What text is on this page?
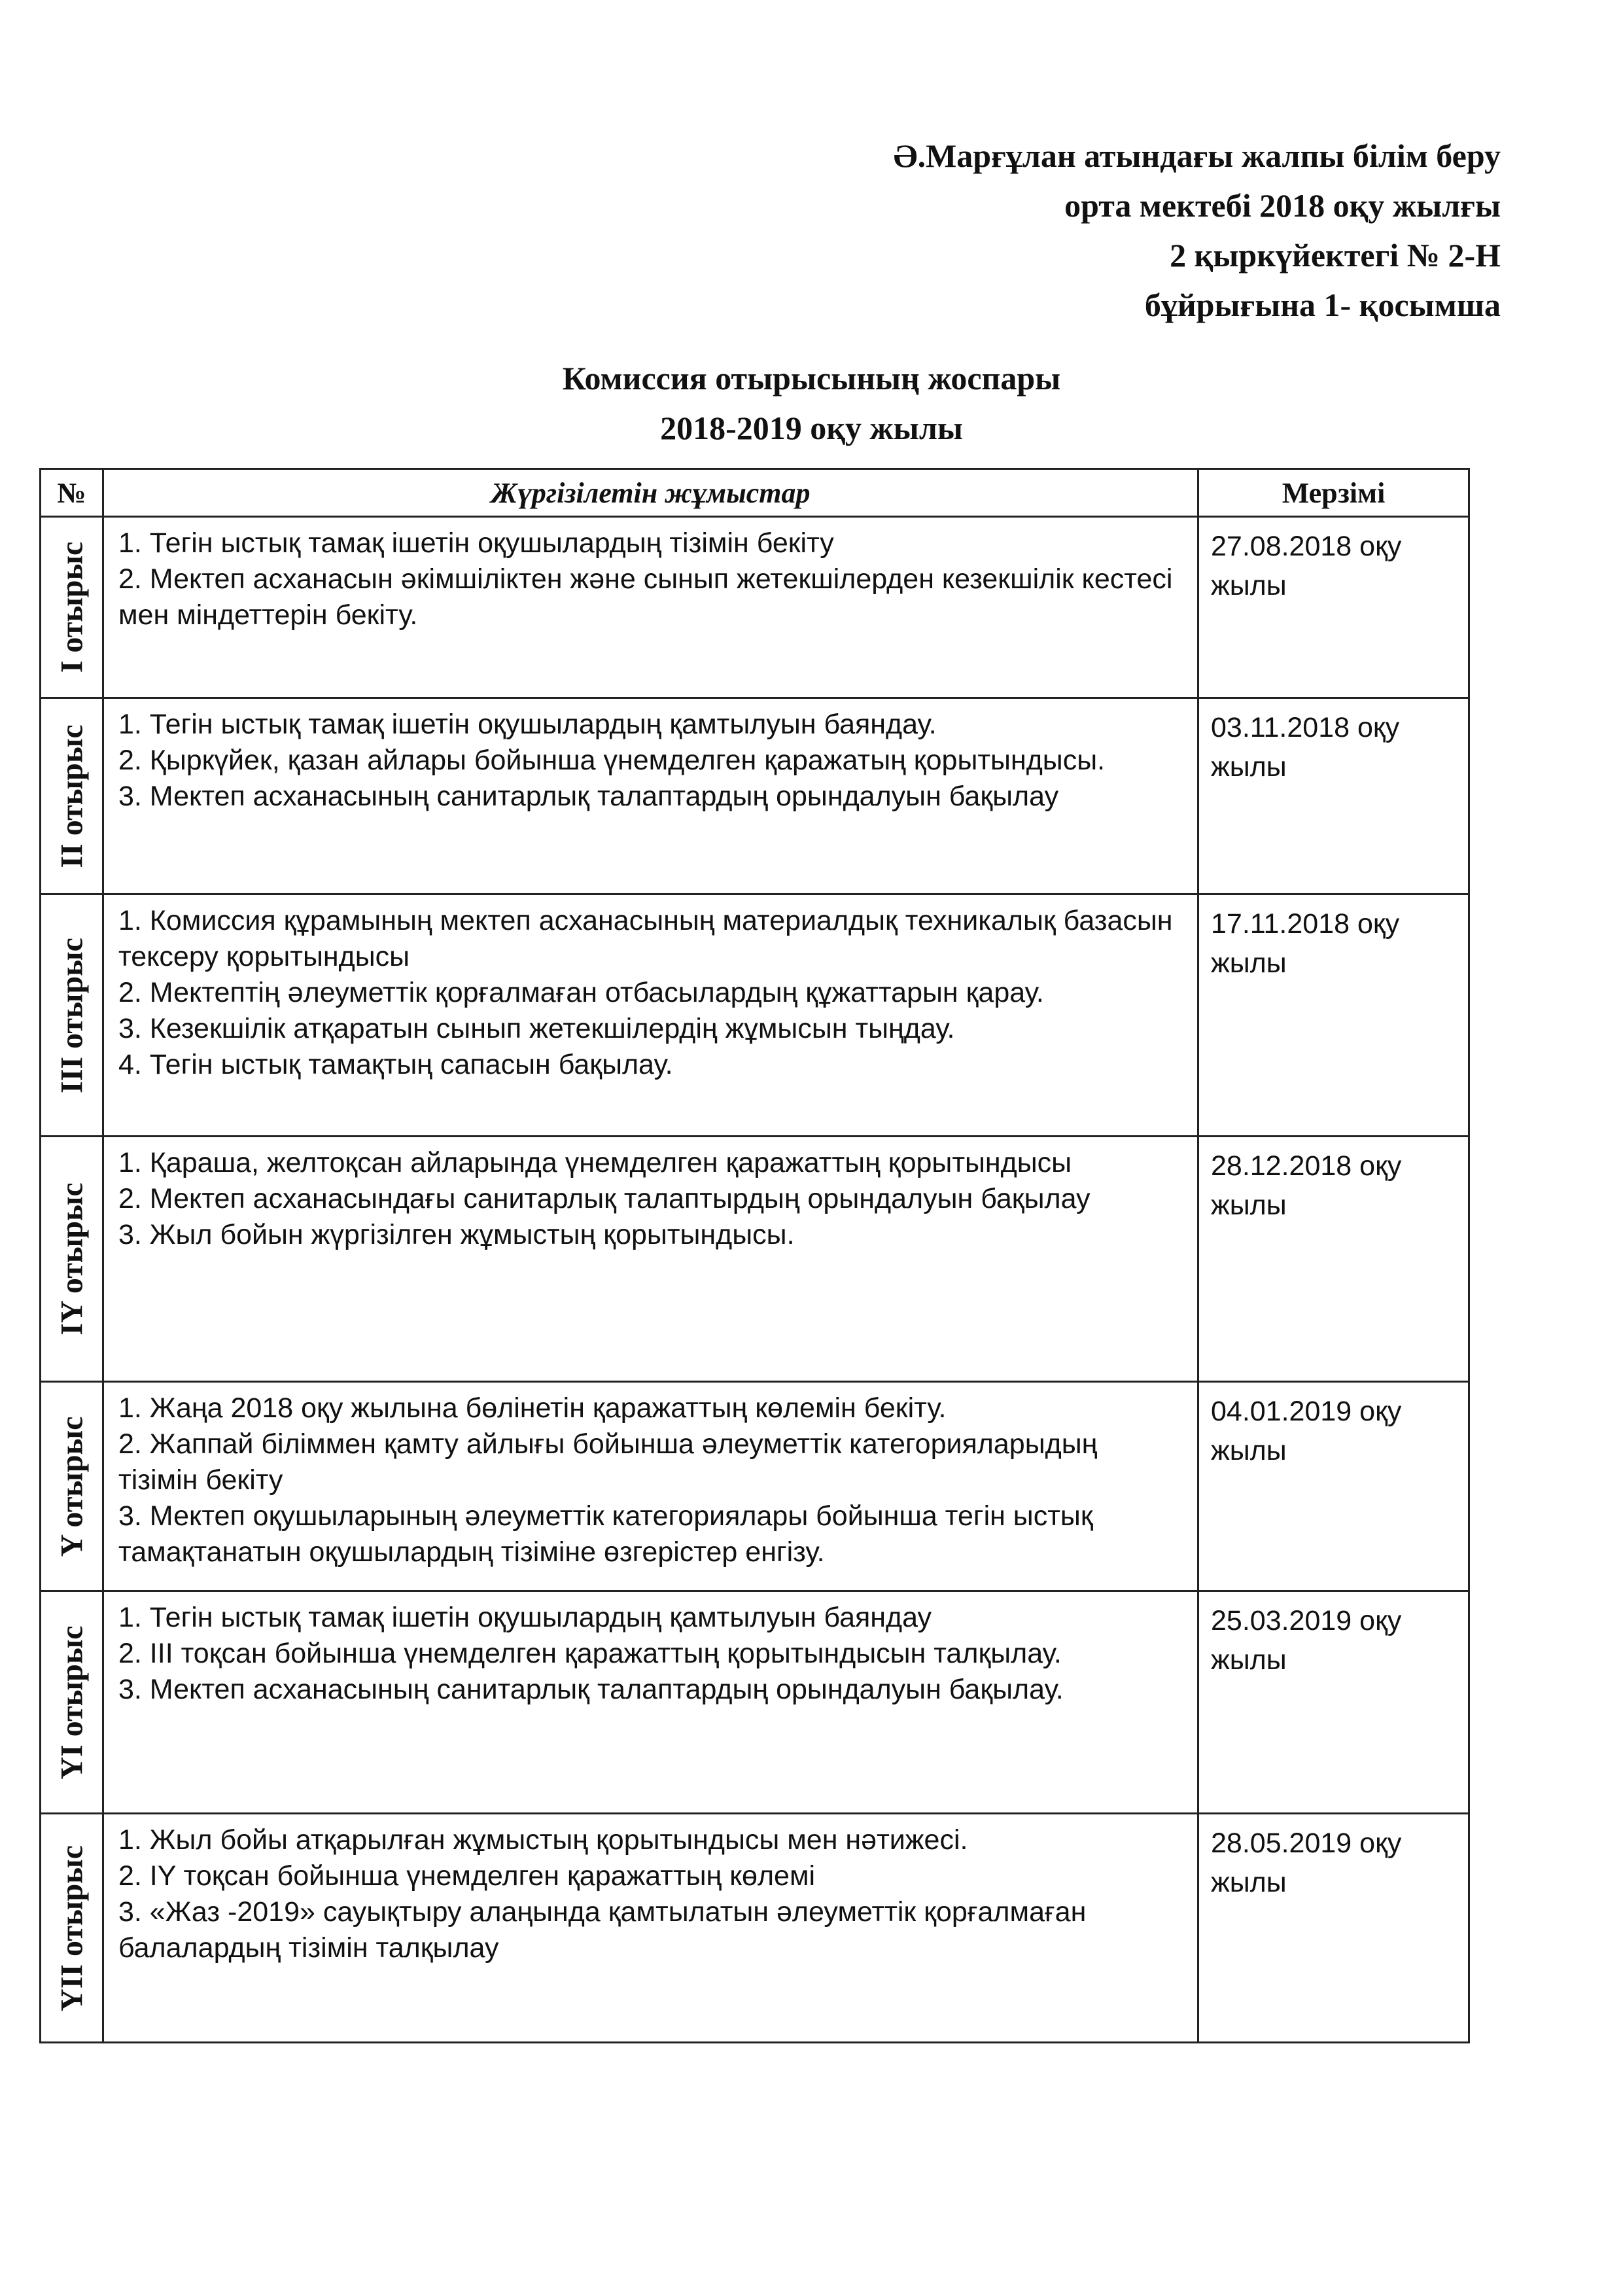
Ә.Марғұлан атындағы жалпы білім беру
орта мектебі 2018 оқу жылғы
2 қыркүйектегі № 2-Н
бұйрығына 1- қосымша
Комиссия отырысының жоспары
2018-2019 оқу жылы
№	Жүргізілетін жұмыстар	Мерзімі

I отырыс	1. Тегін ыстық тамақ ішетін оқушылардың тізімін бекіту
2. Мектеп асханасын әкімшіліктен және сынып жетекшілерден кезекшілік кестесі мен міндеттерін бекіту.	27.08.2018 оқу жылы

II отырыс	1. Тегін ыстық тамақ ішетін оқушылардың қамтылуын баяндау.
2. Қыркүйек, қазан айлары бойынша үнемделген қаражатың қорытындысы.
3. Мектеп асханасының санитарлық талаптардың орындалуын бақылау	03.11.2018 оқу жылы

III отырыс	1. Комиссия құрамының мектеп асханасының материалдық техникалық базасын тексеру қорытындысы
2. Мектептің әлеуметтік қорғалмаған отбасылардың құжаттарын қарау.
3. Кезекшілік атқаратын сынып жетекшілердің жұмысын тыңдау.
4. Тегін ыстық тамақтың сапасын бақылау.	17.11.2018 оқу жылы

IY отырыс	1. Қараша, желтоқсан айларында үнемделген қаражаттың қорытындысы
2. Мектеп асханасындағы санитарлық талаптырдың орындалуын бақылау
3. Жыл бойын жүргізілген жұмыстың қорытындысы.	28.12.2018 оқу жылы

Y отырыс	1. Жаңа 2018 оқу жылына бөлінетін қаражаттың көлемін бекіту.
2. Жаппай біліммен қамту айлығы бойынша әлеуметтік категорияларыдың тізімін бекіту
3. Мектеп оқушыларының әлеуметтік категориялары бойынша тегін ыстық тамақтанатын оқушылардың тізіміне өзгерістер енгізу.	04.01.2019 оқу жылы

YI отырыс	1. Тегін ыстық тамақ ішетін оқушылардың қамтылуын баяндау
2. III тоқсан бойынша үнемделген қаражаттың қорытындысын талқылау.
3. Мектеп асханасының санитарлық талаптардың орындалуын бақылау.	25.03.2019 оқу жылы

YII отырыс	1. Жыл бойы атқарылған жұмыстың қорытындысы мен нәтижесі.
2. IY тоқсан бойынша үнемделген қаражаттың көлемі
3. «Жаз -2019» сауықтыру алаңында қамтылатын әлеуметтік қорғалмаған балалардың тізімін талқылау	28.05.2019 оқу жылы
